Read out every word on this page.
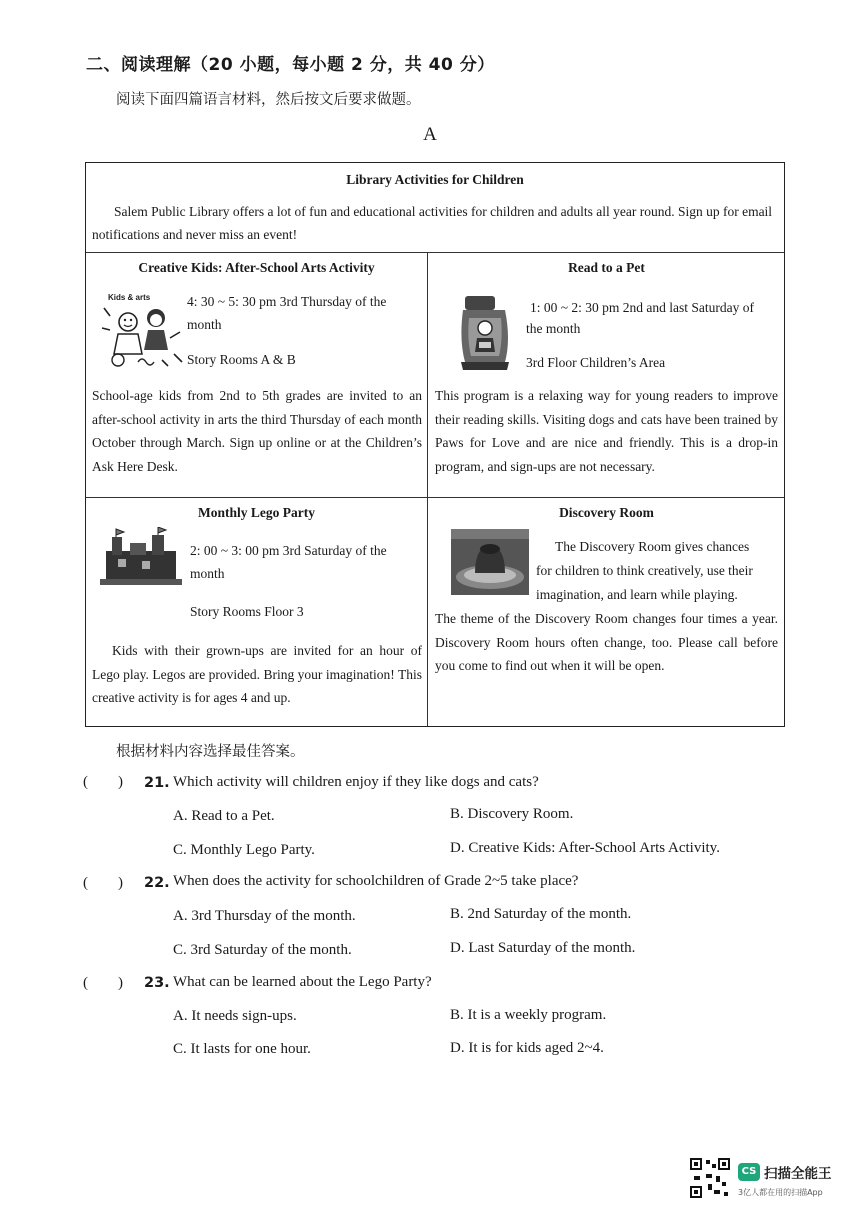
二、阅读理解（20 小题，每小题 2 分，共 40 分）
阅读下面四篇语言材料，然后按文后要求做题。
A
Library Activities for Children
Salem Public Library offers a lot of fun and educational activities for children and adults all year round. Sign up for email notifications and never miss an event!
Creative Kids: After-School Arts Activity
Kids & arts	4: 30 ~ 5: 30 pm 3rd Thursday of the
month
Story Rooms A & B
School-age kids from 2nd to 5th grades are invited to an after-school activity in arts the third Thursday of each month October through March. Sign up online or at the Children’s Ask Here Desk.
Read to a Pet
1: 00 ~ 2: 30 pm 2nd and last Saturday of
the month
3rd Floor Children’s Area
This program is a relaxing way for young readers to improve their reading skills. Visiting dogs and cats have been trained by Paws for Love and are nice and friendly. This is a drop-in program, and sign-ups are not necessary.
Monthly Lego Party
2: 00 ~ 3: 00 pm 3rd Saturday of the
month
Story Rooms Floor 3
Kids with their grown-ups are invited for an hour of Lego play. Legos are provided. Bring your imagination! This creative activity is for ages 4 and up.
Discovery Room
The Discovery Room gives chances
for children to think creatively, use their
imagination, and learn while playing.
The theme of the Discovery Room changes four times a year. Discovery Room hours often change, too. Please call before you come to find out when it will be open.
根据材料内容选择最佳答案。
(        )	21. Which activity will children enjoy if they like dogs and cats?
A. Read to a Pet.	B. Discovery Room.
C. Monthly Lego Party.	D. Creative Kids: After-School Arts Activity.
(        )	22. When does the activity for schoolchildren of Grade 2~5 take place?
A. 3rd Thursday of the month.	B. 2nd Saturday of the month.
C. 3rd Saturday of the month.	D. Last Saturday of the month.
(        )	23. What can be learned about the Lego Party?
A. It needs sign-ups.	B. It is a weekly program.
C. It lasts for one hour.	D. It is for kids aged 2~4.
CS 扫描全能王
3亿人都在用的扫描App
